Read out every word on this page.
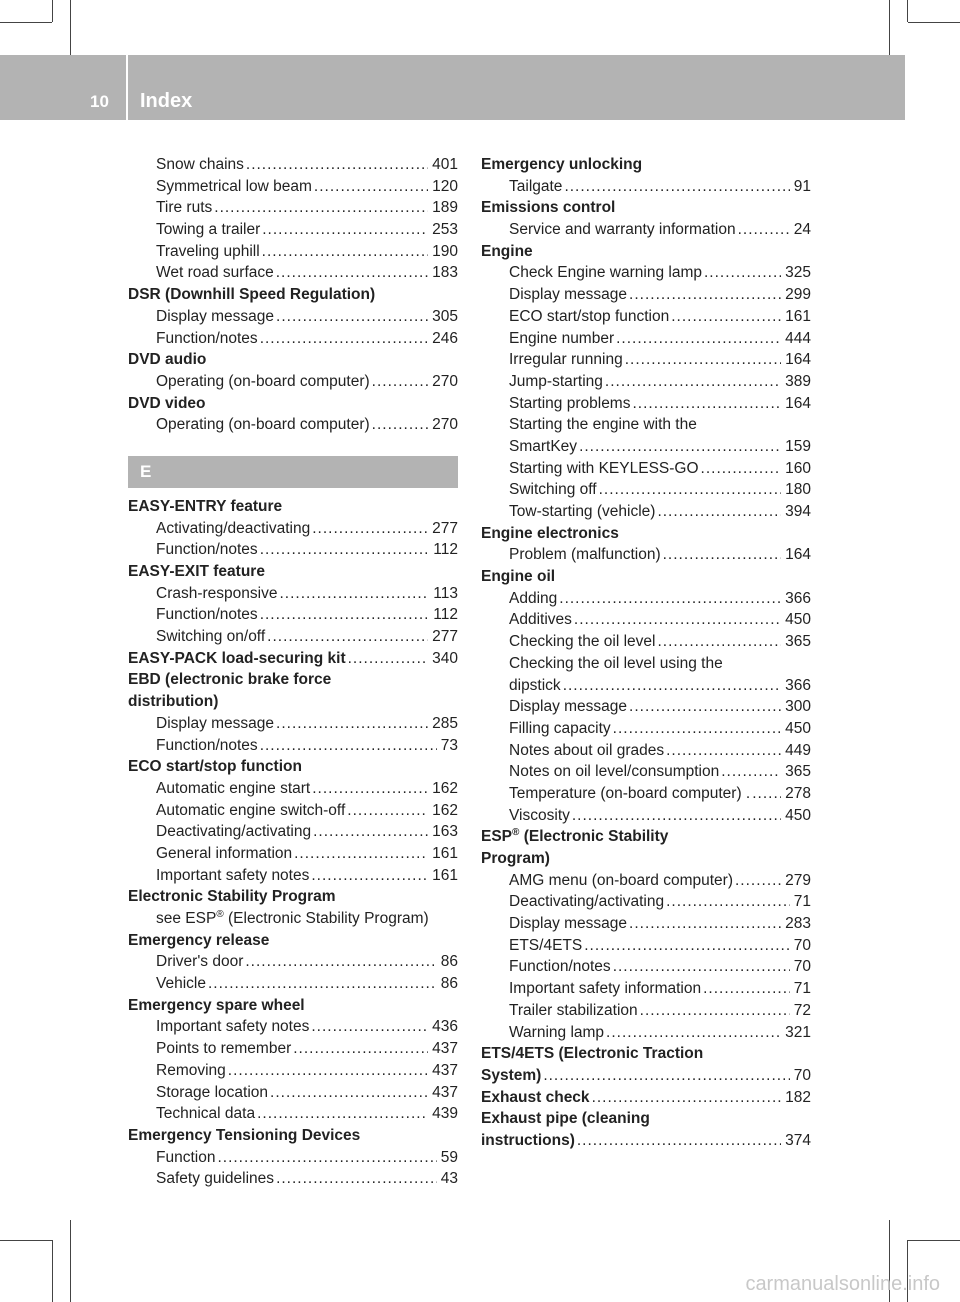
10 Index
Snow chains .....	401
Symmetrical low beam .....	120
Tire ruts .....	189
Towing a trailer .....	253
Traveling uphill .....	190
Wet road surface .....	183
DSR (Downhill Speed Regulation)
Display message .....	305
Function/notes .....	246
DVD audio
Operating (on-board computer) .....	270
DVD video
Operating (on-board computer) .....	270
E
EASY-ENTRY feature
Activating/deactivating .....	277
Function/notes .....	112
EASY-EXIT feature
Crash-responsive .....	113
Function/notes .....	112
Switching on/off .....	277
EASY-PACK load-securing kit .....	340
EBD (electronic brake force
distribution)
Display message .....	285
Function/notes .....	73
ECO start/stop function
Automatic engine start .....	162
Automatic engine switch-off .....	162
Deactivating/activating .....	163
General information .....	161
Important safety notes .....	161
Electronic Stability Program
see ESP® (Electronic Stability Program)
Emergency release
Driver's door .....	86
Vehicle .....	86
Emergency spare wheel
Important safety notes .....	436
Points to remember .....	437
Removing .....	437
Storage location .....	437
Technical data .....	439
Emergency Tensioning Devices
Function .....	59
Safety guidelines .....	43
Emergency unlocking
Tailgate .....	91
Emissions control
Service and warranty information .....	24
Engine
Check Engine warning lamp .....	325
Display message .....	299
ECO start/stop function .....	161
Engine number .....	444
Irregular running .....	164
Jump-starting .....	389
Starting problems .....	164
Starting the engine with the
SmartKey .....	159
Starting with KEYLESS-GO .....	160
Switching off .....	180
Tow-starting (vehicle) .....	394
Engine electronics
Problem (malfunction) .....	164
Engine oil
Adding .....	366
Additives .....	450
Checking the oil level .....	365
Checking the oil level using the
dipstick .....	366
Display message .....	300
Filling capacity .....	450
Notes about oil grades .....	449
Notes on oil level/consumption .....	365
Temperature (on-board computer) . ..... 278
Viscosity .....	450
ESP® (Electronic Stability
Program)
AMG menu (on-board computer) .....	279
Deactivating/activating .....	71
Display message .....	283
ETS/4ETS .....	70
Function/notes .....	70
Important safety information .....	71
Trailer stabilization .....	72
Warning lamp .....	321
ETS/4ETS (Electronic Traction
System) .....	70
Exhaust check .....	182
Exhaust pipe (cleaning
instructions) .....	374
carmanualsonline.info
